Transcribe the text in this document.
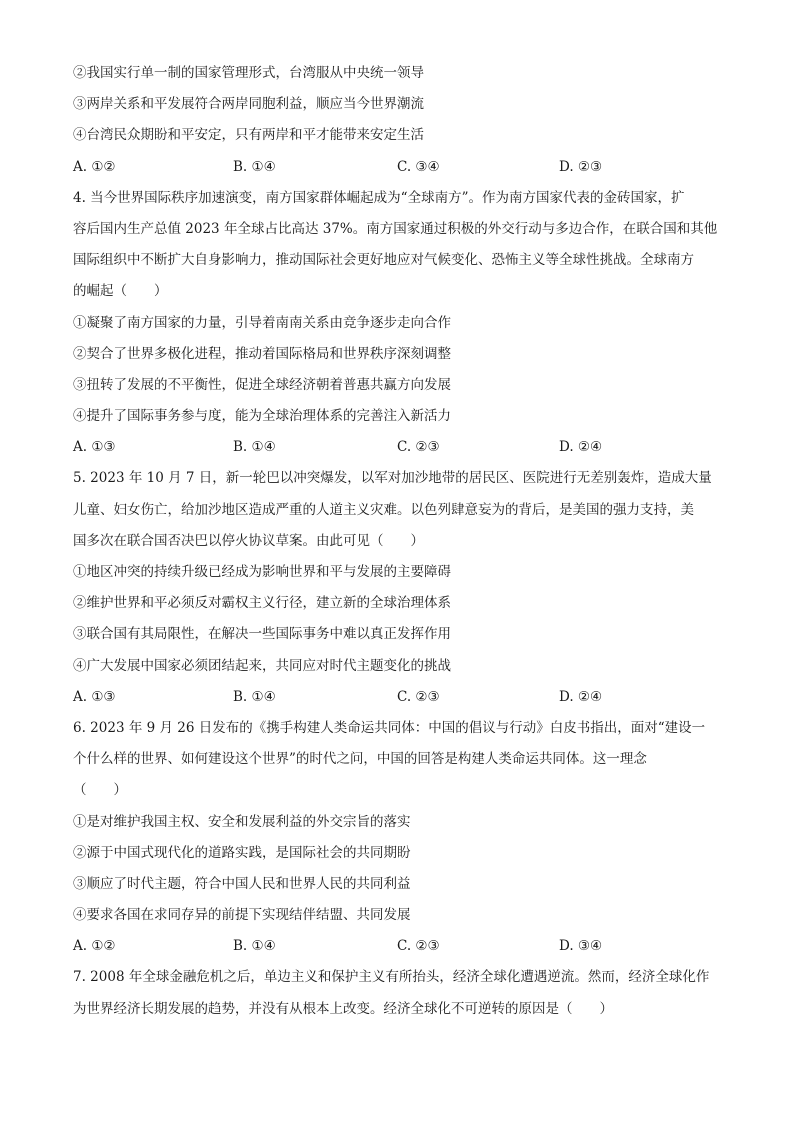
②我国实行单一制的国家管理形式，台湾服从中央统一领导
③两岸关系和平发展符合两岸同胞利益，顺应当今世界潮流
④台湾民众期盼和平安定，只有两岸和平才能带来安定生活
A. ①②	B. ①④	C. ③④	D. ②③
4. 当今世界国际秩序加速演变，南方国家群体崛起成为“全球南方”。作为南方国家代表的金砖国家，扩
容后国内生产总值 2023 年全球占比高达 37%。南方国家通过积极的外交行动与多边合作，在联合国和其他
国际组织中不断扩大自身影响力，推动国际社会更好地应对气候变化、恐怖主义等全球性挑战。全球南方
的崛起（　　）
①凝聚了南方国家的力量，引导着南南关系由竞争逐步走向合作
②契合了世界多极化进程，推动着国际格局和世界秩序深刻调整
③扭转了发展的不平衡性，促进全球经济朝着普惠共赢方向发展
④提升了国际事务参与度，能为全球治理体系的完善注入新活力
A. ①③	B. ①④	C. ②③	D. ②④
5. 2023 年 10 月 7 日，新一轮巴以冲突爆发，以军对加沙地带的居民区、医院进行无差别轰炸，造成大量
儿童、妇女伤亡，给加沙地区造成严重的人道主义灾难。以色列肆意妄为的背后，是美国的强力支持，美
国多次在联合国否决巴以停火协议草案。由此可见（　　）
①地区冲突的持续升级已经成为影响世界和平与发展的主要障碍
②维护世界和平必须反对霸权主义行径，建立新的全球治理体系
③联合国有其局限性，在解决一些国际事务中难以真正发挥作用
④广大发展中国家必须团结起来，共同应对时代主题变化的挑战
A. ①③	B. ①④	C. ②③	D. ②④
6. 2023 年 9 月 26 日发布的《携手构建人类命运共同体：中国的倡议与行动》白皮书指出，面对“建设一
个什么样的世界、如何建设这个世界”的时代之问，中国的回答是构建人类命运共同体。这一理念
（　　）
①是对维护我国主权、安全和发展利益的外交宗旨的落实
②源于中国式现代化的道路实践，是国际社会的共同期盼
③顺应了时代主题，符合中国人民和世界人民的共同利益
④要求各国在求同存异的前提下实现结伴结盟、共同发展
A. ①②	B. ①④	C. ②③	D. ③④
7. 2008 年全球金融危机之后，单边主义和保护主义有所抬头，经济全球化遭遇逆流。然而，经济全球化作
为世界经济长期发展的趋势，并没有从根本上改变。经济全球化不可逆转的原因是（　　）
